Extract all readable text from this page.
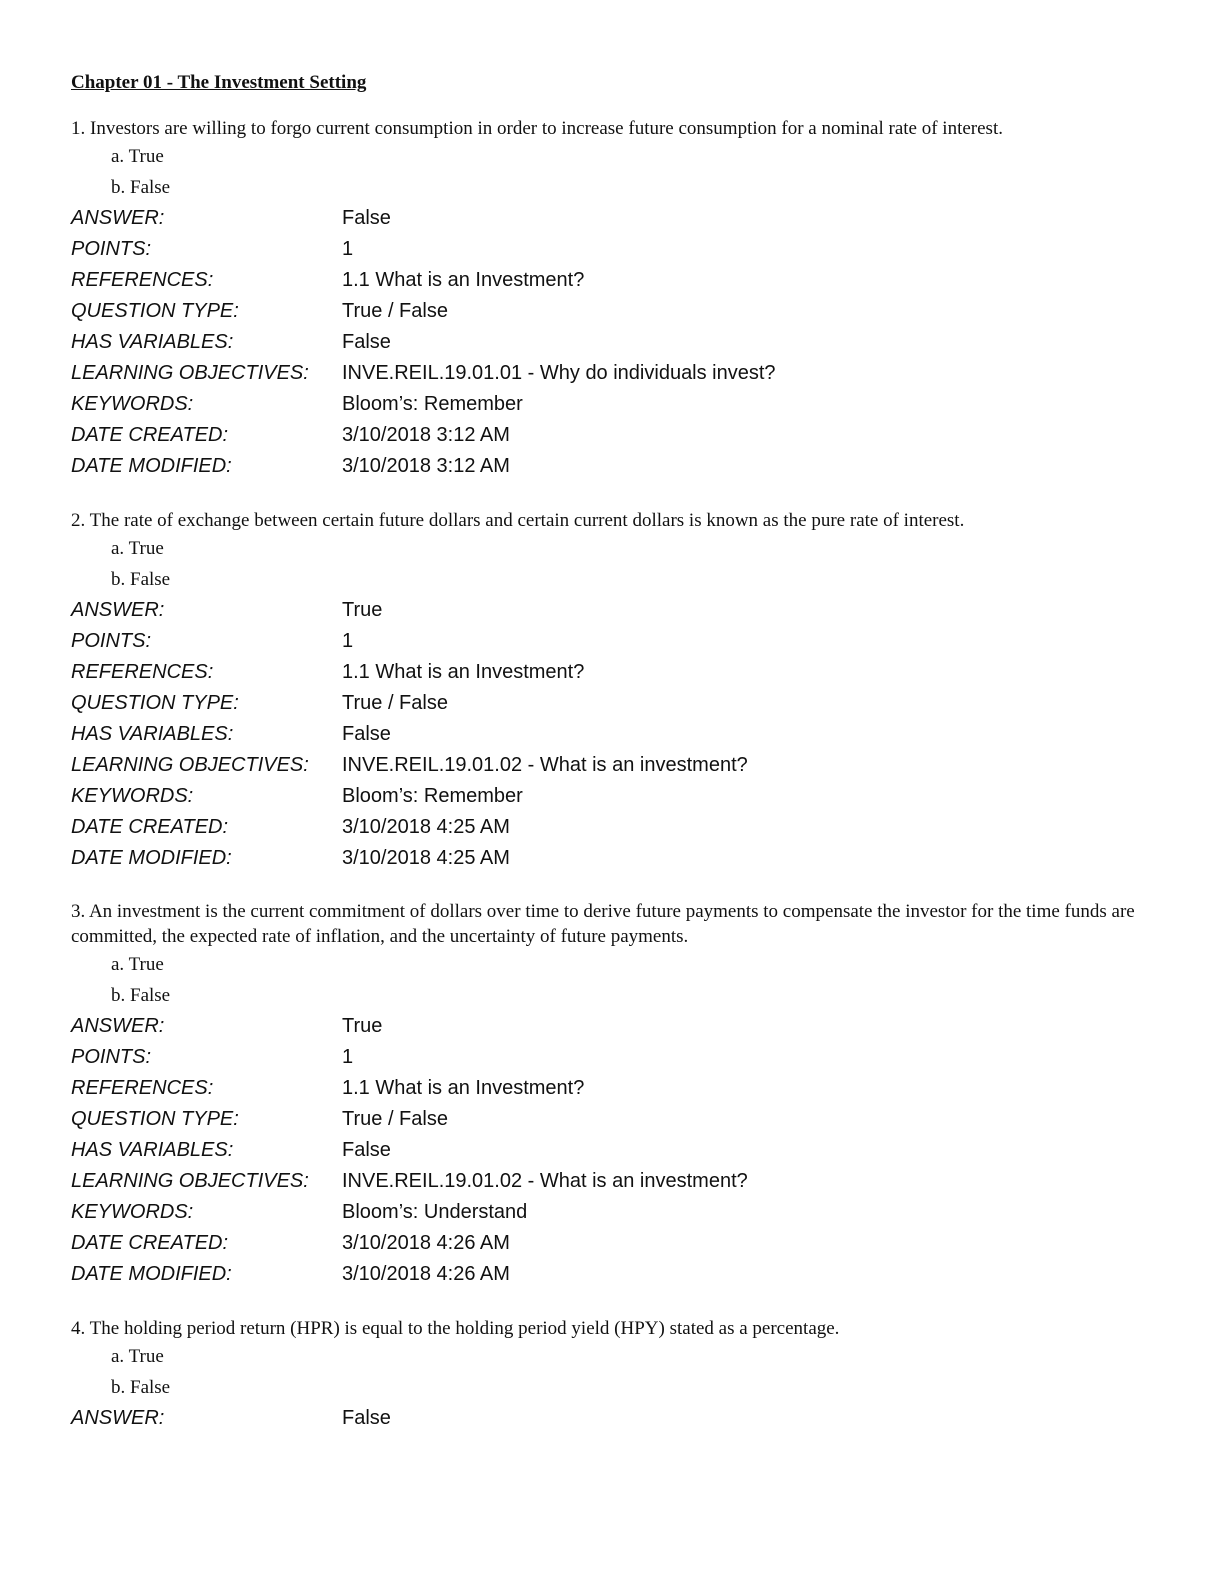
Chapter 01 - The Investment Setting

1. Investors are willing to forgo current consumption in order to increase future consumption for a nominal rate of interest.

a. True
b. False
ANSWER:	False
POINTS:	1
REFERENCES:	1.1 What is an Investment?
QUESTION TYPE:	True / False
HAS VARIABLES:	False
LEARNING OBJECTIVES:	INVE.REIL.19.01.01 - Why do individuals invest?
KEYWORDS:	Bloom’s: Remember
DATE CREATED:	3/10/2018 3:12 AM
DATE MODIFIED:	3/10/2018 3:12 AM

2. The rate of exchange between certain future dollars and certain current dollars is known as the pure rate of interest.

a. True
b. False
ANSWER:	True
POINTS:	1
REFERENCES:	1.1 What is an Investment?
QUESTION TYPE:	True / False
HAS VARIABLES:	False
LEARNING OBJECTIVES:	INVE.REIL.19.01.02 - What is an investment?
KEYWORDS:	Bloom’s: Remember
DATE CREATED:	3/10/2018 4:25 AM
DATE MODIFIED:	3/10/2018 4:25 AM

3. An investment is the current commitment of dollars over time to derive future payments to compensate the investor for the time funds are committed, the expected rate of inflation, and the uncertainty of future payments.

a. True
b. False
ANSWER:	True
POINTS:	1
REFERENCES:	1.1 What is an Investment?
QUESTION TYPE:	True / False
HAS VARIABLES:	False
LEARNING OBJECTIVES:	INVE.REIL.19.01.02 - What is an investment?
KEYWORDS:	Bloom’s: Understand
DATE CREATED:	3/10/2018 4:26 AM
DATE MODIFIED:	3/10/2018 4:26 AM

4. The holding period return (HPR) is equal to the holding period yield (HPY) stated as a percentage.

a. True
b. False
ANSWER:	False
